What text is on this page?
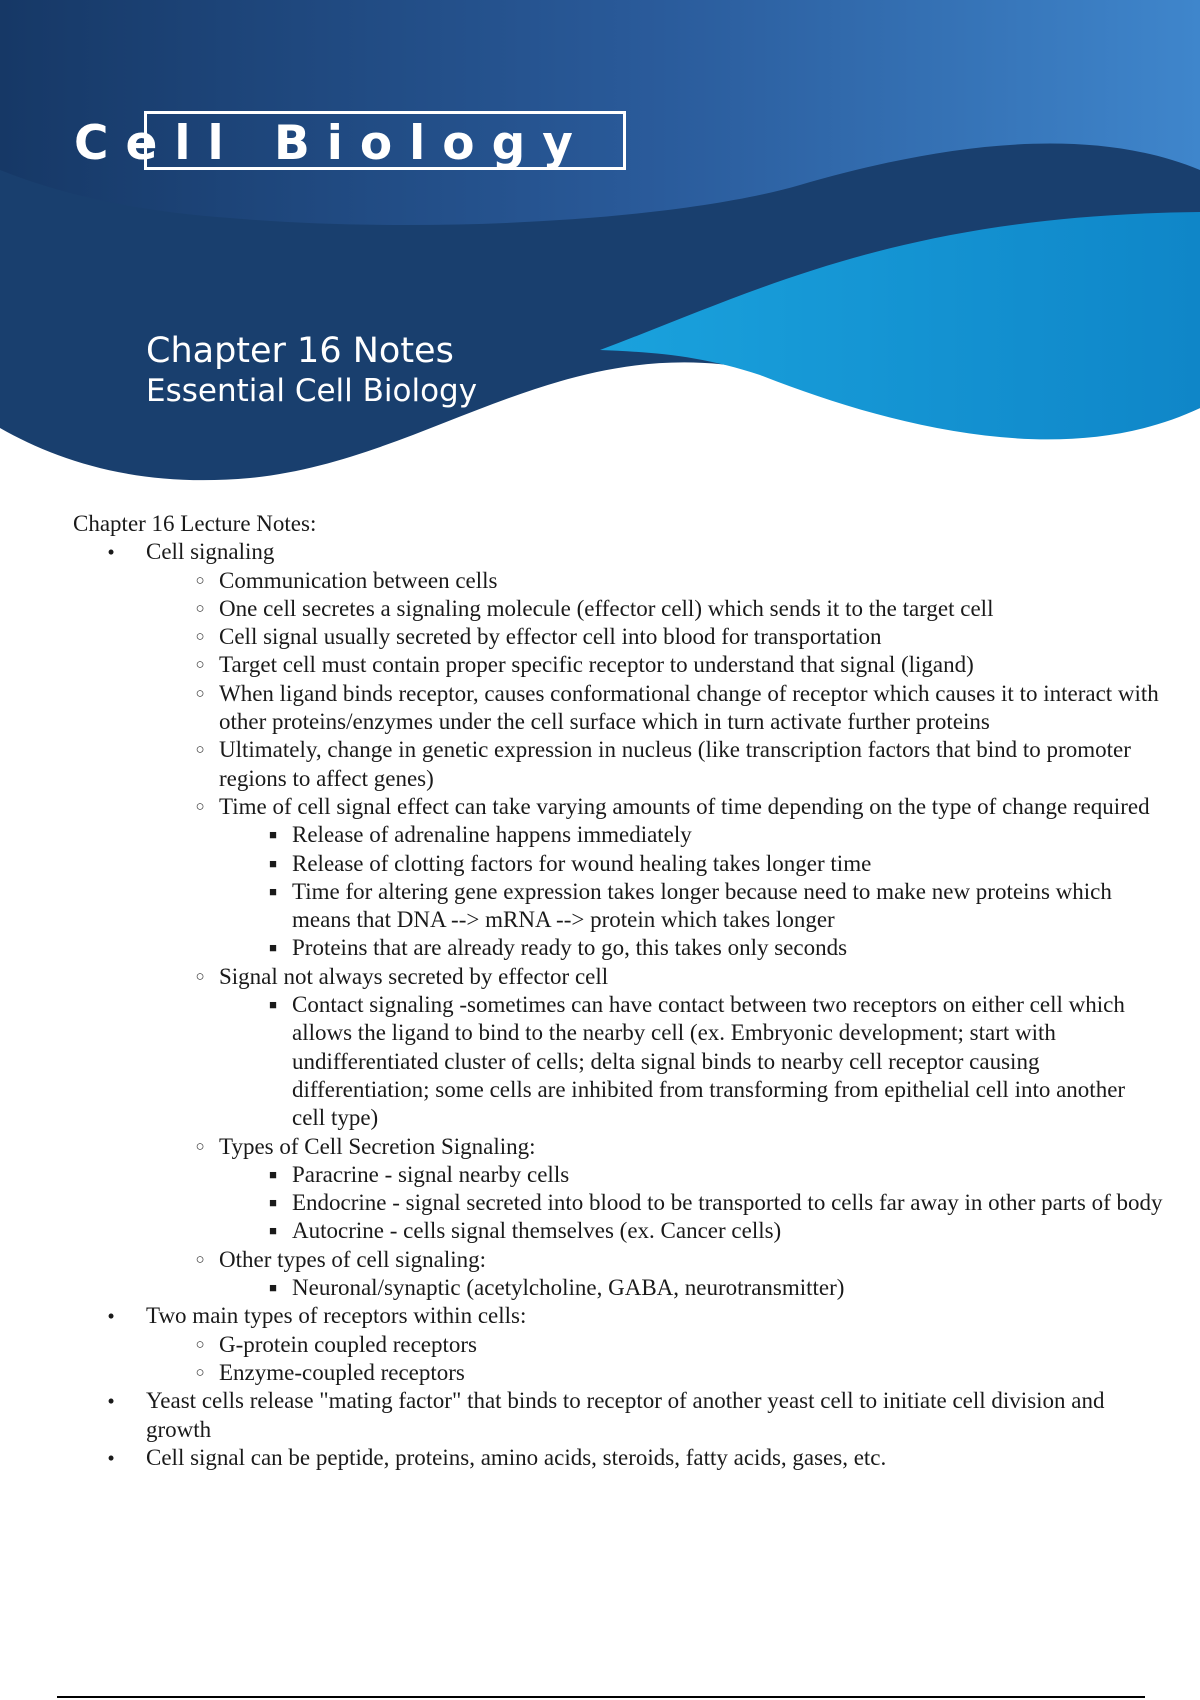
Cell Biology
Chapter 16 Notes
Essential Cell Biology

Chapter 16 Lecture Notes:

• Cell signaling
○ Communication between cells
○ One cell secretes a signaling molecule (effector cell) which sends it to the target cell
○ Cell signal usually secreted by effector cell into blood for transportation
○ Target cell must contain proper specific receptor to understand that signal (ligand)
○ When ligand binds receptor, causes conformational change of receptor which causes it to interact with other proteins/enzymes under the cell surface which in turn activate further proteins
○ Ultimately, change in genetic expression in nucleus (like transcription factors that bind to promoter regions to affect genes)
○ Time of cell signal effect can take varying amounts of time depending on the type of change required
■ Release of adrenaline happens immediately
■ Release of clotting factors for wound healing takes longer time
■ Time for altering gene expression takes longer because need to make new proteins which means that DNA --> mRNA --> protein which takes longer
■ Proteins that are already ready to go, this takes only seconds
○ Signal not always secreted by effector cell
■ Contact signaling -sometimes can have contact between two receptors on either cell which allows the ligand to bind to the nearby cell (ex. Embryonic development; start with undifferentiated cluster of cells; delta signal binds to nearby cell receptor causing differentiation; some cells are inhibited from transforming from epithelial cell into another cell type)
○ Types of Cell Secretion Signaling:
■ Paracrine - signal nearby cells
■ Endocrine - signal secreted into blood to be transported to cells far away in other parts of body
■ Autocrine - cells signal themselves (ex. Cancer cells)
○ Other types of cell signaling:
■ Neuronal/synaptic (acetylcholine, GABA, neurotransmitter)
• Two main types of receptors within cells:
○ G-protein coupled receptors
○ Enzyme-coupled receptors
• Yeast cells release "mating factor" that binds to receptor of another yeast cell to initiate cell division and growth
• Cell signal can be peptide, proteins, amino acids, steroids, fatty acids, gases, etc.
